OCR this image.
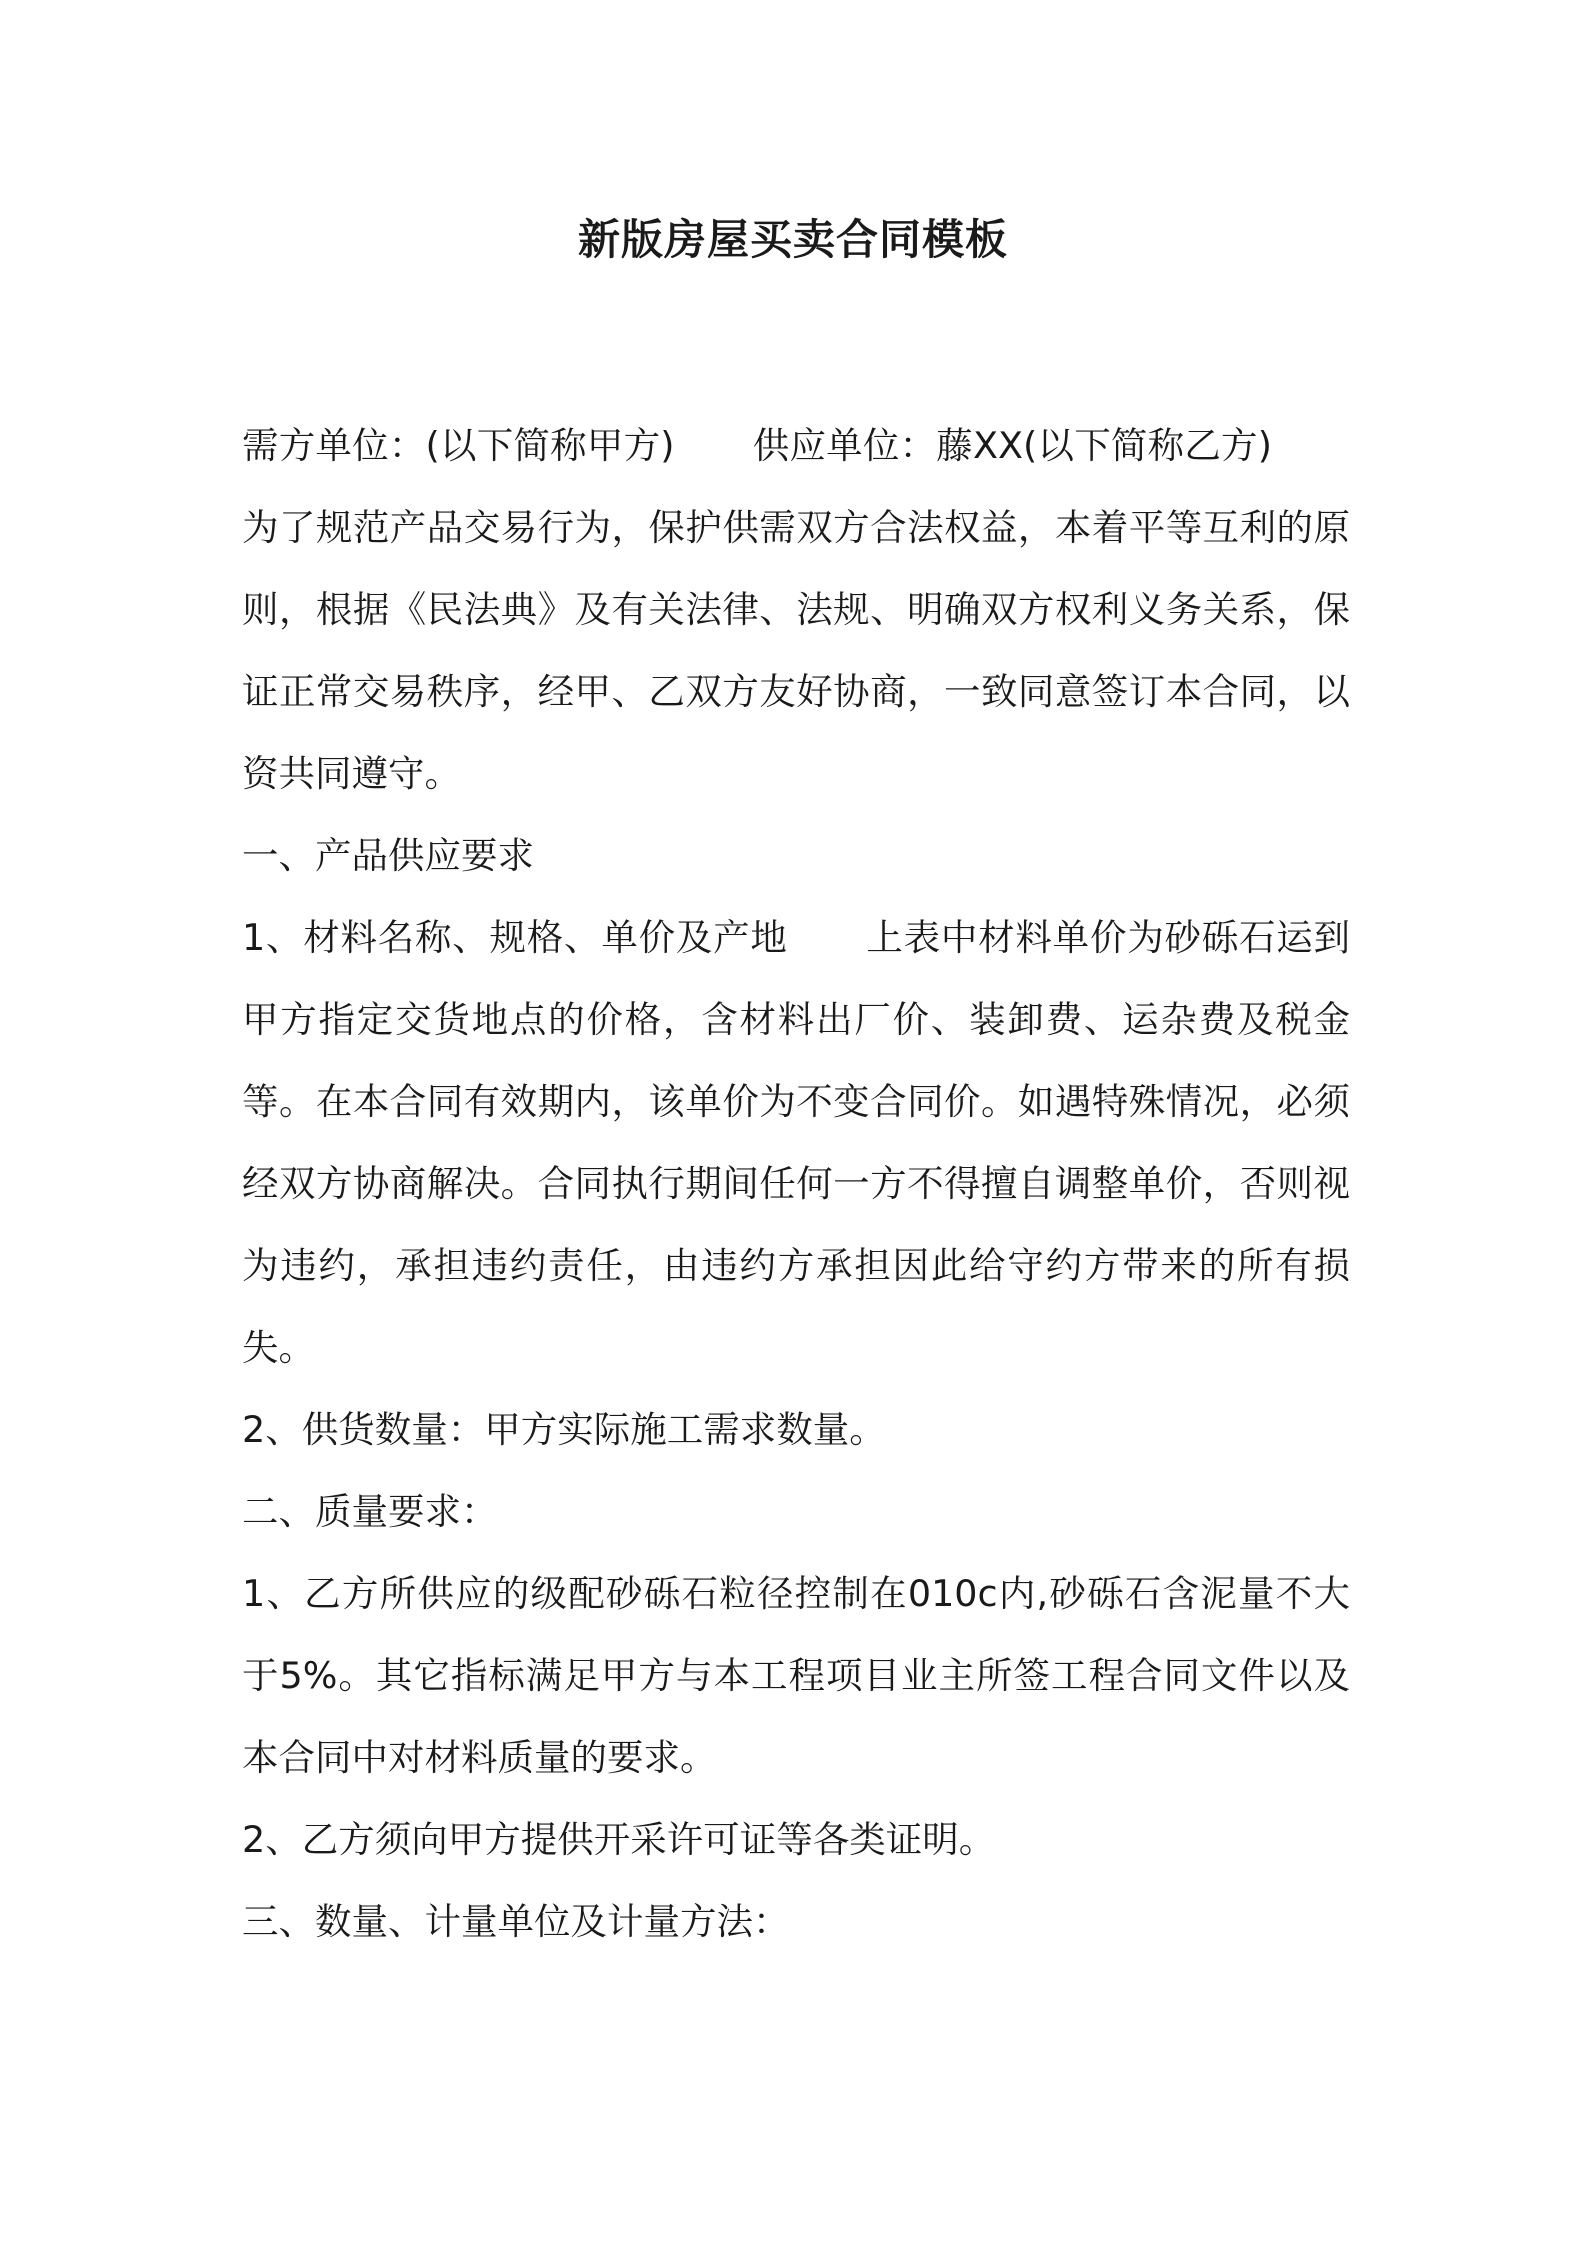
新版房屋买卖合同模板

需方单位：(以下简称甲方) 供应单位：藤XX(以下简称乙方)为了规范产品交易行为，保护供需双方合法权益，本着平等互利的原则，根据《民法典》及有关法律、法规、明确双方权利义务关系，保证正常交易秩序，经甲、乙双方友好协商，一致同意签订本合同，以资共同遵守。

一、产品供应要求

1、材料名称、规格、单价及产地 上表中材料单价为砂砾石运到甲方指定交货地点的价格，含材料出厂价、装卸费、运杂费及税金等。在本合同有效期内，该单价为不变合同价。如遇特殊情况，必须经双方协商解决。合同执行期间任何一方不得擅自调整单价，否则视为违约，承担违约责任，由违约方承担因此给守约方带来的所有损失。

2、供货数量：甲方实际施工需求数量。

二、质量要求：

1、乙方所供应的级配砂砾石粒径控制在010c内,砂砾石含泥量不大于5%。其它指标满足甲方与本工程项目业主所签工程合同文件以及本合同中对材料质量的要求。

2、乙方须向甲方提供开采许可证等各类证明。

三、数量、计量单位及计量方法：
